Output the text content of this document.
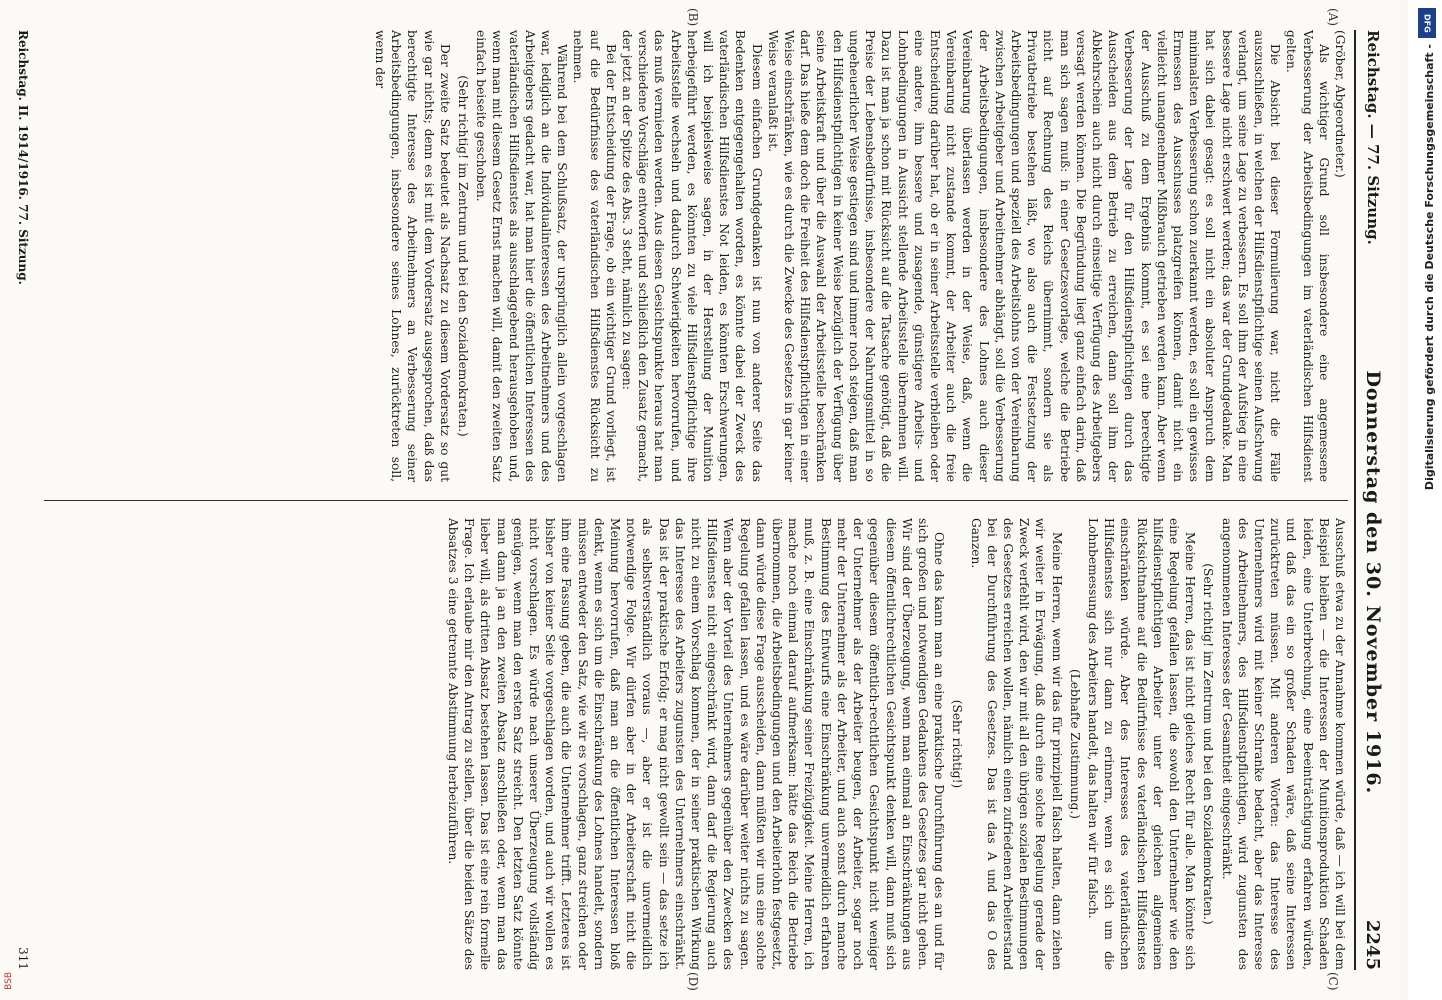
Reichstag. — 77. Sitzung.
Donnerstag den 30. November 1916.
2245
(A)
(B)
(C)
(D)

(Gröber, Abgeordneter.)

Als wichtiger Grund soll insbesondere eine angemessene Verbesserung der Arbeitsbedingungen im vaterländischen Hilfsdienst gelten.

Die Absicht bei dieser Formulierung war, nicht die Fälle auszuschließen, in welchen der Hilfsdienstpflichtige seinen Aufschwung verlangt, um seine Lage zu verbessern. Es soll ihm der Aufstieg in eine bessere Lage nicht erschwert werden; das war der Grundgedanke. Man hat sich dabei gesagt: es soll nicht ein absoluter Anspruch dem minimalsten Verbesserung schon zuerkannt werden, es soll ein gewisses Ermessen des Ausschusses platzgreifen können, damit nicht ein vielleicht unangenehmer Mißbrauch getrieben werden kann. Aber wenn der Ausschuß zu dem Ergebnis kommt, es sei eine berechtigte Verbesserung der Lage für den Hilfsdienstpflichtigen durch das Ausscheiden aus dem Betrieb zu erreichen, dann soll ihm der Abkehrschein auch nicht durch einseitige Verfügung des Arbeitgebers versagt werden können. Die Begründung liegt ganz einfach darin, daß man sich sagen muß: in einer Gesetzesvorlage, welche die Betriebe nicht auf Rechnung des Reichs übernimmt, sondern sie als Privatbetriebe bestehen läßt, wo also auch die Festsetzung der Arbeitsbedingungen und speziell des Arbeitslohns von der Vereinbarung zwischen Arbeitgeber und Arbeitnehmer abhängt, soll die Verbesserung der Arbeitsbedingungen, insbesondere des Lohnes auch dieser Vereinbarung überlassen werden in der Weise, daß, wenn die Vereinbarung nicht zustande kommt, der Arbeiter auch die freie Entscheidung darüber hat, ob er in seiner Arbeitsstelle verbleiben oder eine andere, ihm bessere und zusagende, günstigere Arbeits- und Lohnbedingungen in Aussicht stellende Arbeitsstelle übernehmen will. Dazu ist man ja schon mit Rücksicht auf die Tatsache genötigt, daß die Preise der Lebensbedürfnisse, insbesondere der Nahrungsmittel in so ungeheuerlicher Weise gestiegen sind und immer noch steigen, daß man den Hilfsdienstpflichtigen in keiner Weise bezüglich der Verfügung über seine Arbeitskraft und über die Auswahl der Arbeitsstelle beschränken darf. Das hieße dem doch die Freiheit des Hilfsdienstpflichtigen in einer Weise einschränken, wie es durch die Zwecke des Gesetzes in gar keiner Weise veranlaßt ist.

Diesem einfachen Grundgedanken ist nun von anderer Seite das Bedenken entgegengehalten worden, es könnte dabei der Zweck des vaterländischen Hilfsdienstes Not leiden, es könnten Erschwerungen, will ich beispielsweise sagen, in der Herstellung der Munition herbeigeführt werden, es könnten zu viele Hilfsdienstpflichtige ihre Arbeitsstelle wechseln und dadurch Schwierigkeiten hervorrufen, und das muß vermieden werden. Aus diesen Gesichtspunkte heraus hat man verschiedene Vorschläge entworfen und schließlich den Zusatz gemacht, der jetzt an der Spitze des Abs. 3 steht, nämlich zu sagen:

Bei der Entscheidung der Frage, ob ein wichtiger Grund vorliegt, ist auf die Bedürfnisse des vaterländischen Hilfsdienstes Rücksicht zu nehmen.

Während bei dem Schlußsatz, der ursprünglich allein vorgeschlagen war, lediglich an die Individualinteressen des Arbeitnehmers und des Arbeitgebers gedacht war, hat man hier die öffentlichen Interessen des vaterländischen Hilfsdienstes als ausschlaggebend herausgehoben und, wenn man mit diesem Gesetz Ernst machen will, damit den zweiten Satz einfach beiseite geschoben.

(Sehr richtig! im Zentrum und bei den Sozialdemokraten.)

Der zweite Satz bedeutet als Nachsatz zu diesem Vordersatz so gut wie gar nichts; denn es ist mit dem Vordersatz ausgesprochen, daß das berechtigte Interesse des Arbeitnehmers an Verbesserung seiner Arbeitsbedingungen, insbesondere seines Lohnes, zurücktreten soll, wenn der

Ausschuß etwa zu der Annahme kommen würde, daß — ich will bei dem Beispiel bleiben — die Interessen der Munitionsproduktion Schaden leiden, eine Unterbrechung, eine Beeinträchtigung erfahren würden, und daß das ein so großer Schaden wäre, daß seine Interessen zurücktreten müssen. Mit anderen Worten: das Interesse des Unternehmers wird mit keiner Schranke bedacht, aber das Interesse des Arbeitnehmers, des Hilfsdienstpflichtigen, wird zugunsten des angenommenen Interesses der Gesamtheit eingeschränkt.

(Sehr richtig! im Zentrum und bei den Sozialdemokraten.)

Meine Herren, das ist nicht gleiches Recht für alle. Man könnte sich eine Regelung gefallen lassen, die sowohl den Unternehmer wie den hilfsdienstpflichtigen Arbeiter unter der gleichen allgemeinen Rücksichtnahme auf die Bedürfnisse des vaterländischen Hilfsdienstes einschränken würde. Aber des Interesses des vaterländischen Hilfsdienstes sich nur dann zu erinnern, wenn es sich um die Lohnbemessung des Arbeiters handelt, das halten wir für falsch.

(Lebhafte Zustimmung.)

Meine Herren, wenn wir das für prinzipiell falsch halten, dann ziehen wir weiter in Erwägung, daß durch eine solche Regelung gerade der Zweck verfehlt wird, den wir mit all den übrigen sozialen Bestimmungen des Gesetzes erreichen wollen, nämlich einen zufriedenen Arbeiterstand bei der Durchführung des Gesetzes. Das ist das A und das O des Ganzen.

(Sehr richtig!)

Ohne das kann man an eine praktische Durchführung des an und für sich großen und notwendigen Gedankens des Gesetzes gar nicht gehen. Wir sind der Überzeugung, wenn man einmal an Einschränkungen aus diesem öffentlichrechtlichen Gesichtspunkt denken will, dann muß sich gegenüber diesem öffentlich-rechtlichen Gesichtspunkt nicht weniger der Unternehmer als der Arbeiter beugen, der Arbeiter, sogar noch mehr der Unternehmer als der Arbeiter, und auch sonst durch manche Bestimmung des Entwurfs eine Einschränkung unvermeidlich erfahren muß, z. B. eine Einschränkung seiner Freizügigkeit. Meine Herren, ich mache noch einmal darauf aufmerksam: hätte das Reich die Betriebe übernommen, die Arbeitsbedingungen und den Arbeiterlohn festgesetzt, dann würde diese Frage ausscheiden, dann müßten wir uns eine solche Regelung gefallen lassen, und es wäre darüber weiter nichts zu sagen. Wenn aber der Vorteil des Unternehmers gegenüber den Zwecken des Hilfsdienstes nicht eingeschränkt wird, dann darf die Regierung auch nicht zu einem Vorschlag kommen, der in seiner praktischen Wirkung das Interesse des Arbeiters zugunsten des Unternehmers einschränkt. Das ist der praktische Erfolg; er mag nicht gewollt sein — das setze ich als selbstverständlich voraus —, aber er ist die unvermeidlich notwendige Folge. Wir dürfen aber in der Arbeiterschaft nicht die Meinung hervorrufen, daß man an die öffentlichen Interessen bloß denkt, wenn es sich um die Einschränkung des Lohnes handelt, sondern müssen entweder den Satz, wie wir es vorschlagen, ganz streichen oder ihm eine Fassung geben, die auch die Unternehmer trifft. Letzteres ist bisher von keiner Seite vorgeschlagen worden, und auch wir wollen es nicht vorschlagen. Es würde nach unserer Überzeugung vollständig genügen, wenn man den ersten Satz streicht. Den letzten Satz könnte man dann ja an den zweiten Absatz anschließen oder, wenn man das lieber will, als dritten Absatz bestehen lassen. Das ist eine rein formelle Frage. Ich erlaube mir den Antrag zu stellen, über die beiden Sätze des Absatzes 3 eine getrennte Abstimmung herbeizuführen.

Reichstag. II. 1914/1916. 77. Sitzung.
311
DFG
Digitalisierung gefördert durch die Deutsche Forschungsgemeinschaft -
BSB
